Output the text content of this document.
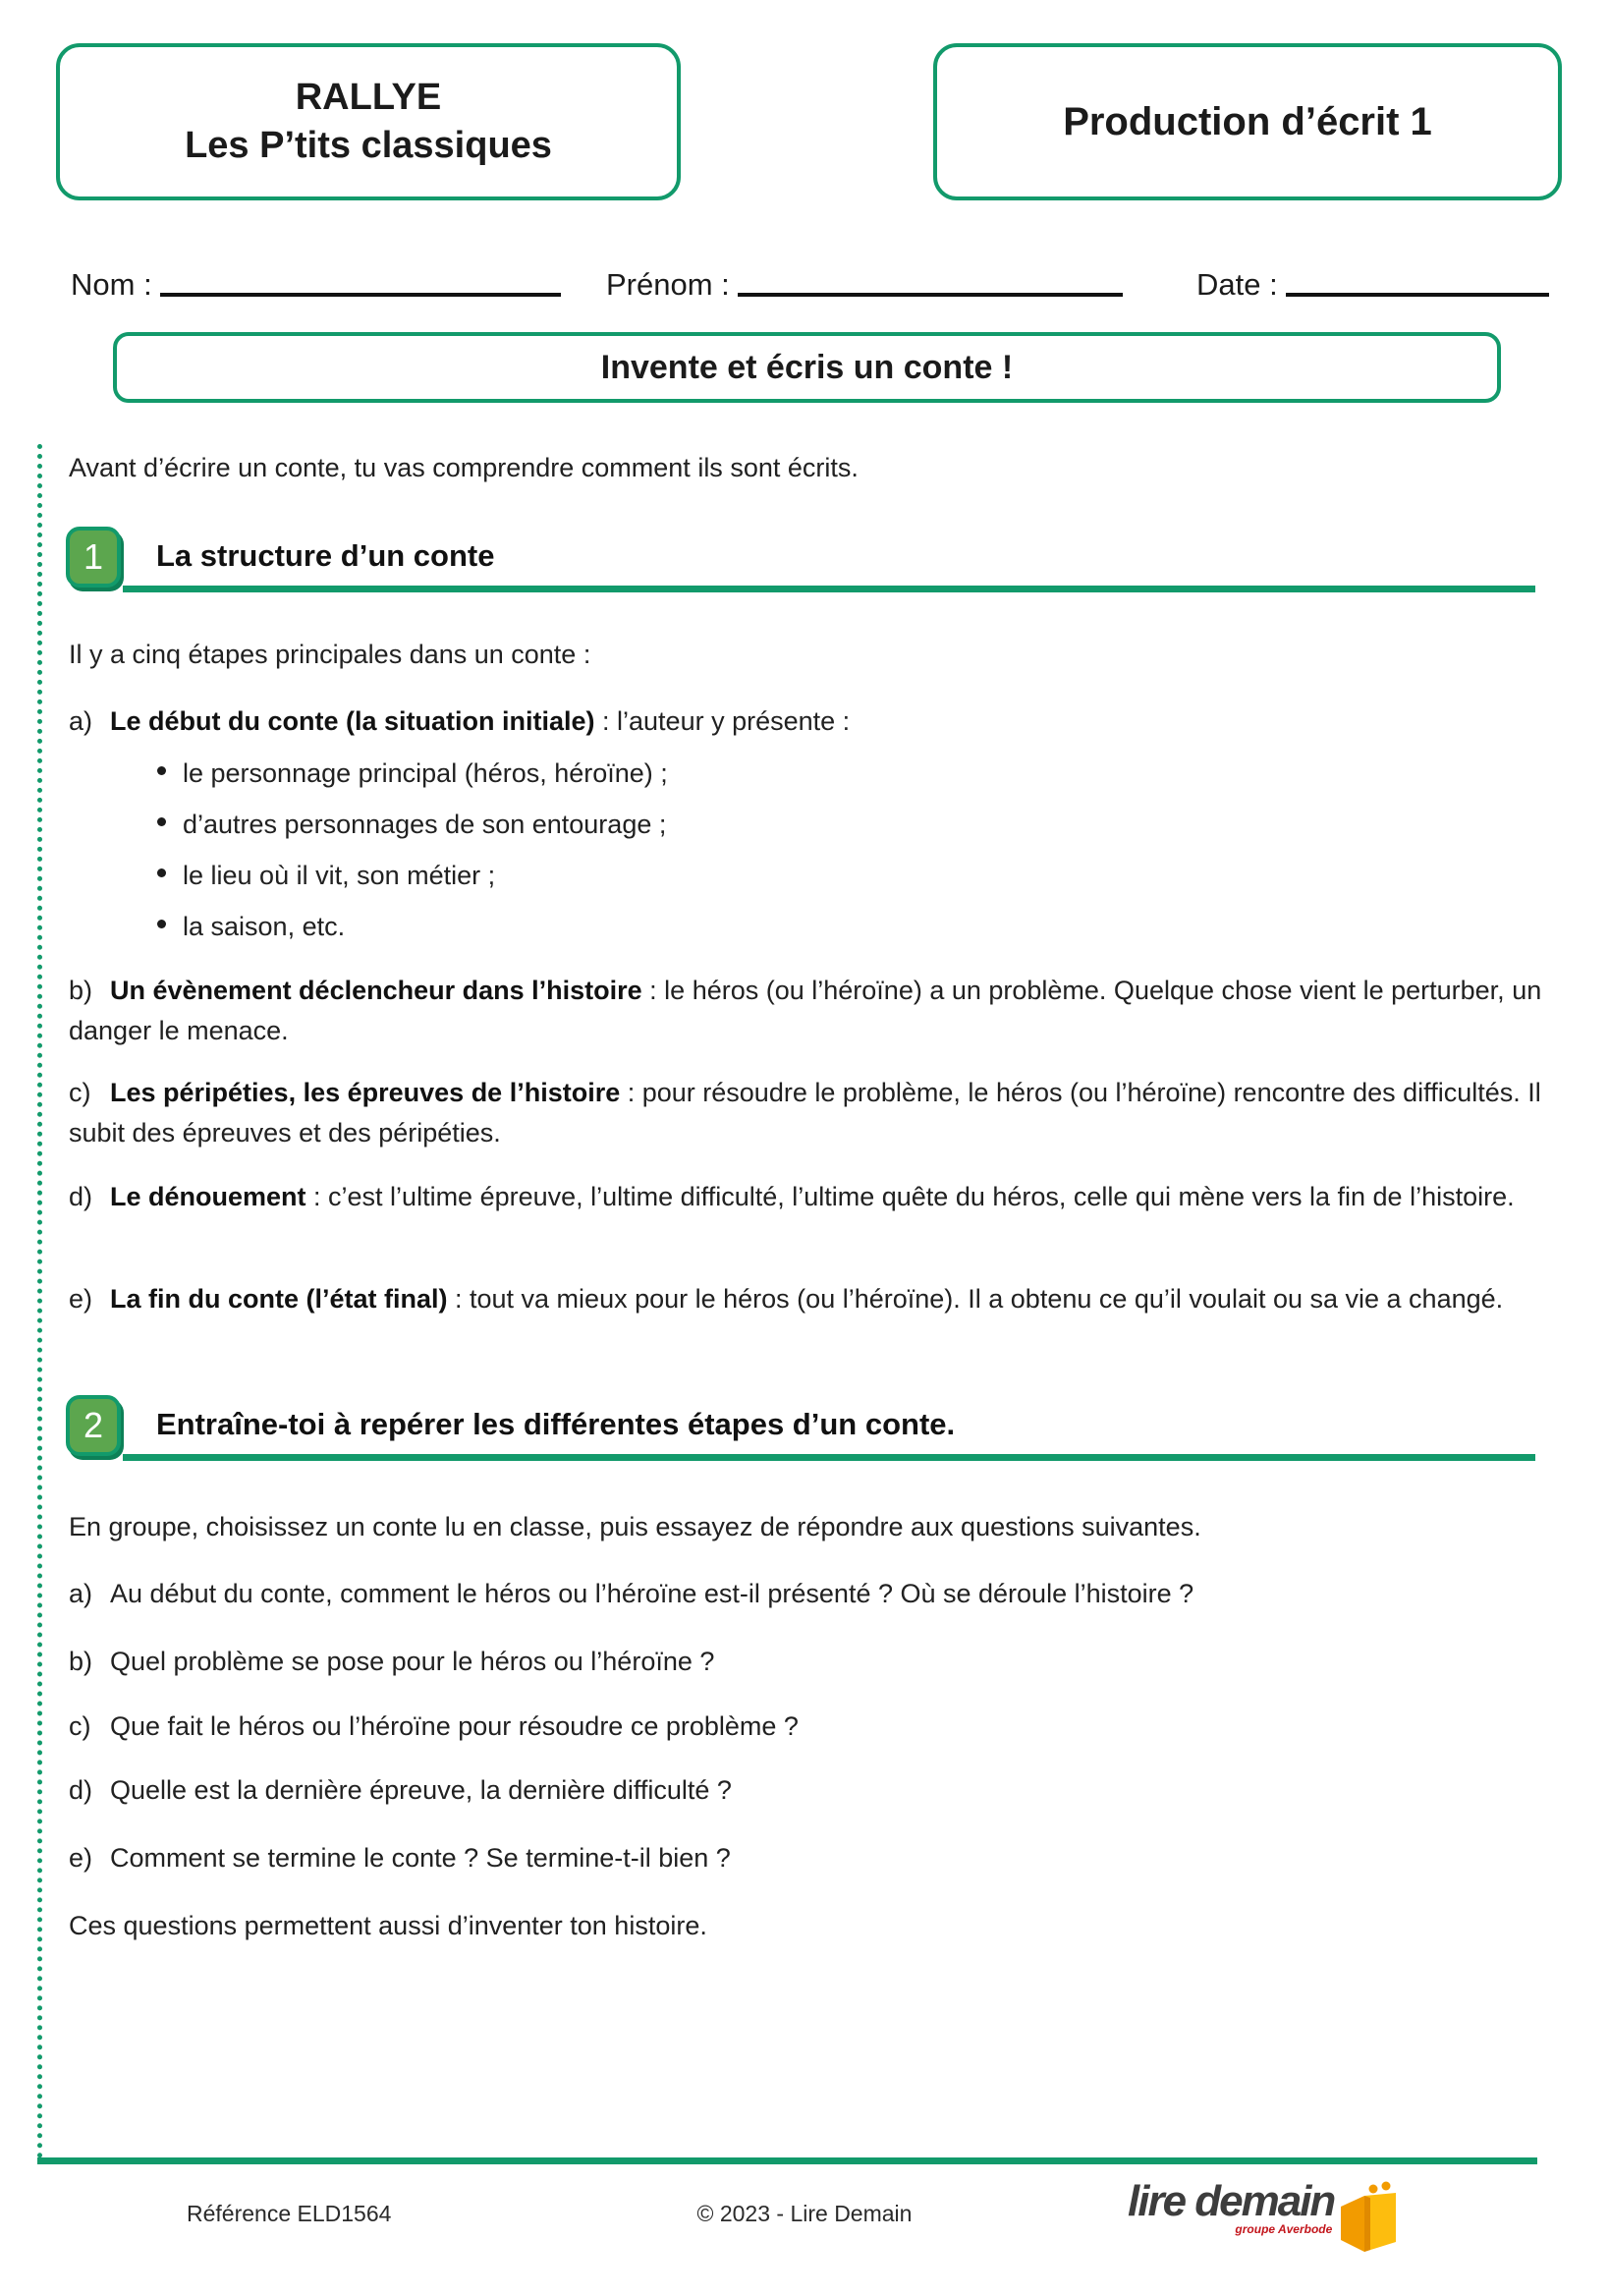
RALLYE
Les P’tits classiques
Production d’écrit 1
Nom :	Prénom :	Date :
Invente et écris un conte !
Avant d’écrire un conte, tu vas comprendre comment ils sont écrits.
1 La structure d’un conte
Il y a cinq étapes principales dans un conte :
a) Le début du conte (la situation initiale) : l’auteur y présente :
le personnage principal (héros, héroïne) ;
d’autres personnages de son entourage ;
le lieu où il vit, son métier ;
la saison, etc.
b) Un évènement déclencheur dans l’histoire : le héros (ou l’héroïne) a un problème. Quelque chose vient le perturber, un danger le menace.
c) Les péripéties, les épreuves de l’histoire : pour résoudre le problème, le héros (ou l’héroïne) rencontre des difficultés. Il subit des épreuves et des péripéties.
d) Le dénouement : c’est l’ultime épreuve, l’ultime difficulté, l’ultime quête du héros, celle qui mène vers la fin de l’histoire.
e) La fin du conte (l’état final) : tout va mieux pour le héros (ou l’héroïne). Il a obtenu ce qu’il voulait ou sa vie a changé.
2 Entraîne-toi à repérer les différentes étapes d’un conte.
En groupe, choisissez un conte lu en classe, puis essayez de répondre aux questions suivantes.
a) Au début du conte, comment le héros ou l’héroïne est-il présenté ? Où se déroule l’histoire ?
b) Quel problème se pose pour le héros ou l’héroïne ?
c) Que fait le héros ou l’héroïne pour résoudre ce problème ?
d) Quelle est la dernière épreuve, la dernière difficulté ?
e) Comment se termine le conte ? Se termine-t-il bien ?
Ces questions permettent aussi d’inventer ton histoire.
Référence ELD1564	© 2023 - Lire Demain	lire demain
groupe Averbode
